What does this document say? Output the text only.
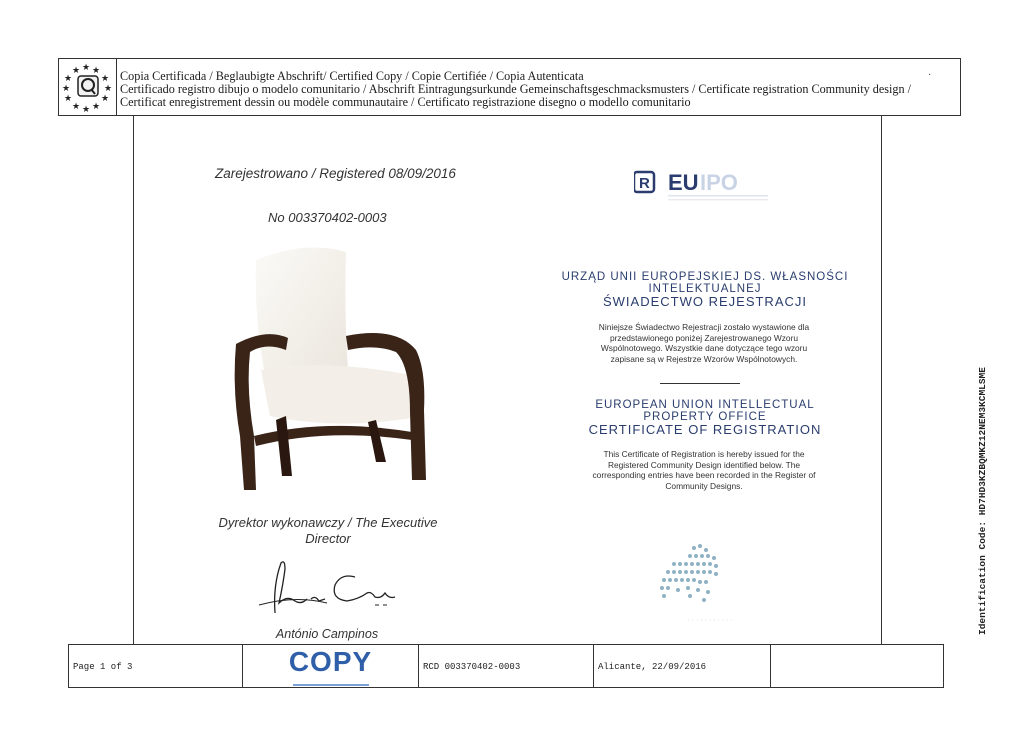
★
★ ★
★	★
★	★
★	★
★ ★
★
Copia Certificada / Beglaubigte Abschrift/ Certified Copy / Copie Certifiée / Copia Autenticata
Certificado registro dibujo o modelo comunitario / Abschrift Eintragungsurkunde Gemeinschaftsgeschmacksmusters / Certificate registration Community design /
Certificat enregistrement dessin ou modèle communautaire / Certificato registrazione disegno o modello comunitario
·
Zarejestrowano / Registered 08/09/2016
No 003370402-0003
Dyrektor wykonawczy / The Executive Director
António Campinos
R EU IPO
URZĄD UNII EUROPEJSKIEJ DS. WŁASNOŚCI INTELEKTUALNEJ
ŚWIADECTWO REJESTRACJI
Niniejsze Świadectwo Rejestracji zostało wystawione dla przedstawionego poniżej Zarejestrowanego Wzoru Wspólnotowego. Wszystkie dane dotyczące tego wzoru zapisane są w Rejestrze Wzorów Wspólnotowych.
EUROPEAN UNION INTELLECTUAL PROPERTY OFFICE
CERTIFICATE OF REGISTRATION
This Certificate of Registration is hereby issued for the Registered Community Design identified below. The corresponding entries have been recorded in the Register of Community Designs.
· · · · · · · · · · ·
Page 1 of 3	COPY	RCD 003370402-0003	Alicante, 22/09/2016
Identification Code: HD7HD3KZBQMKZ12NEM3KCMLSME
